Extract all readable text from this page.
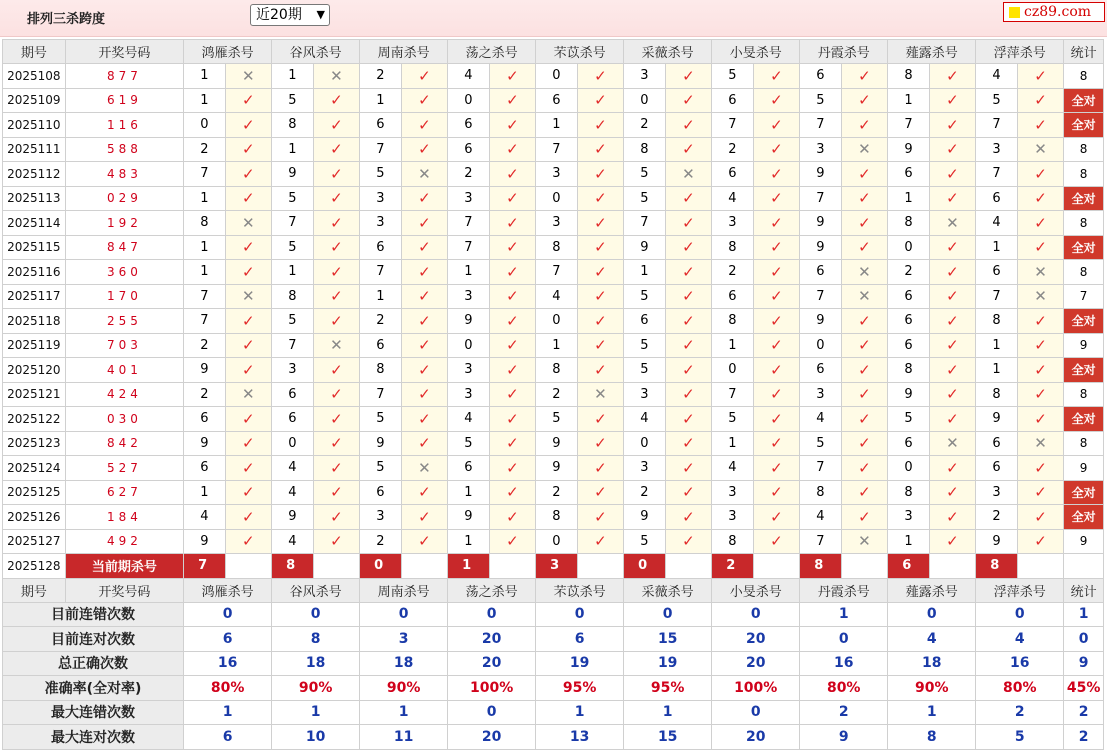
排列三杀跨度	近20期 ▼	cz89.com
期号	开奖号码	鸿雁杀号		谷风杀号		周南杀号		荡之杀号		芣苡杀号		采薇杀号		小旻杀号		丹霞杀号		薤露杀号		浮萍杀号		统计
2025108	877	1	✕	1	✕	2	✓	4	✓	0	✓	3	✓	5	✓	6	✓	8	✓	4	✓	8
2025109	619	1	✓	5	✓	1	✓	0	✓	6	✓	0	✓	6	✓	5	✓	1	✓	5	✓	全对
2025110	116	0	✓	8	✓	6	✓	6	✓	1	✓	2	✓	7	✓	7	✓	7	✓	7	✓	全对
2025111	588	2	✓	1	✓	7	✓	6	✓	7	✓	8	✓	2	✓	3	✕	9	✓	3	✕	8
2025112	483	7	✓	9	✓	5	✕	2	✓	3	✓	5	✕	6	✓	9	✓	6	✓	7	✓	8
2025113	029	1	✓	5	✓	3	✓	3	✓	0	✓	5	✓	4	✓	7	✓	1	✓	6	✓	全对
2025114	192	8	✕	7	✓	3	✓	7	✓	3	✓	7	✓	3	✓	9	✓	8	✕	4	✓	8
2025115	847	1	✓	5	✓	6	✓	7	✓	8	✓	9	✓	8	✓	9	✓	0	✓	1	✓	全对
2025116	360	1	✓	1	✓	7	✓	1	✓	7	✓	1	✓	2	✓	6	✕	2	✓	6	✕	8
2025117	170	7	✕	8	✓	1	✓	3	✓	4	✓	5	✓	6	✓	7	✕	6	✓	7	✕	7
2025118	255	7	✓	5	✓	2	✓	9	✓	0	✓	6	✓	8	✓	9	✓	6	✓	8	✓	全对
2025119	703	2	✓	7	✕	6	✓	0	✓	1	✓	5	✓	1	✓	0	✓	6	✓	1	✓	9
2025120	401	9	✓	3	✓	8	✓	3	✓	8	✓	5	✓	0	✓	6	✓	8	✓	1	✓	全对
2025121	424	2	✕	6	✓	7	✓	3	✓	2	✕	3	✓	7	✓	3	✓	9	✓	8	✓	8
2025122	030	6	✓	6	✓	5	✓	4	✓	5	✓	4	✓	5	✓	4	✓	5	✓	9	✓	全对
2025123	842	9	✓	0	✓	9	✓	5	✓	9	✓	0	✓	1	✓	5	✓	6	✕	6	✕	8
2025124	527	6	✓	4	✓	5	✕	6	✓	9	✓	3	✓	4	✓	7	✓	0	✓	6	✓	9
2025125	627	1	✓	4	✓	6	✓	1	✓	2	✓	2	✓	3	✓	8	✓	8	✓	3	✓	全对
2025126	184	4	✓	9	✓	3	✓	9	✓	8	✓	9	✓	3	✓	4	✓	3	✓	2	✓	全对
2025127	492	9	✓	4	✓	2	✓	1	✓	0	✓	5	✓	8	✓	7	✕	1	✓	9	✓	9
2025128	当前期杀号	7		8		0		1		3		0		2		8		6		8		
期号	开奖号码	鸿雁杀号		谷风杀号		周南杀号		荡之杀号		芣苡杀号		采薇杀号		小旻杀号		丹霞杀号		薤露杀号		浮萍杀号		统计
目前连错次数		0		0		0		0		0		0		0		1		0		0		1
目前连对次数		6		8		3		20		6		15		20		0		4		4		0
总正确次数		16		18		18		20		19		19		20		16		18		16		9
准确率(全对率)		80%		90%		90%		100%		95%		95%		100%		80%		90%		80%		45%
最大连错次数		1		1		1		0		1		1		0		2		1		2		2
最大连对次数		6		10		11		20		13		15		20		9		8		5		2
